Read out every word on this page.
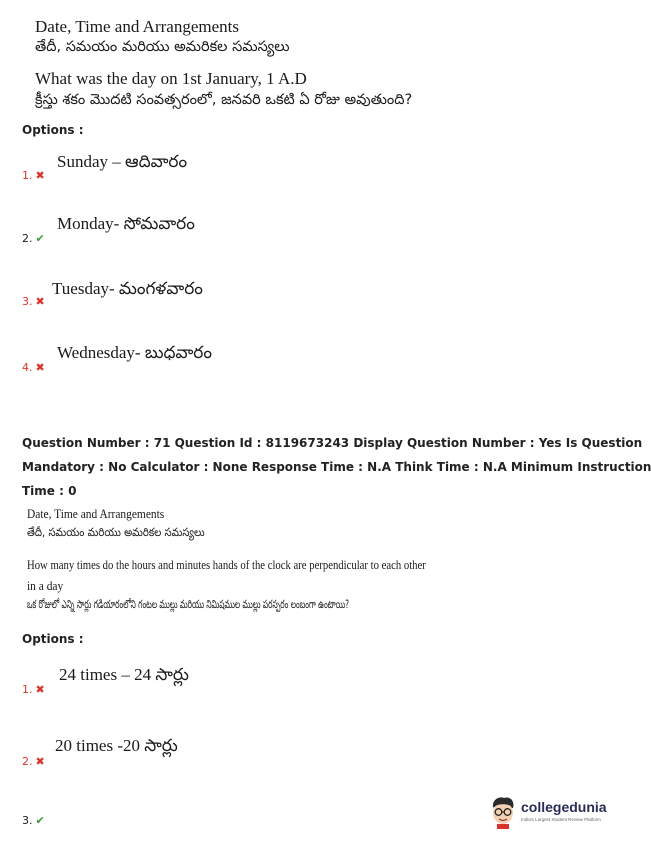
Date, Time and Arrangements
తేదీ, సమయం మరియు అమరికల సమస్యలు
What was the day on 1st January, 1 A.D
క్రీస్తు శకం మొదటి సంవత్సరంలో, జనవరి ఒకటి ఏ రోజు అవుతుంది?
Options :
1. ✖
Sunday – ఆదివారం
2. ✔
Monday- సోమవారం
3. ✖
Tuesday- మంగళవారం
4. ✖
Wednesday- బుధవారం
Question Number : 71 Question Id : 8119673243 Display Question Number : Yes Is Question
Mandatory : No Calculator : None Response Time : N.A Think Time : N.A Minimum Instruction
Time : 0
Date, Time and Arrangements
తేదీ, సమయం మరియు అమరికల సమస్యలు
How many times do the hours and minutes hands of the clock are perpendicular to each other
in a day
ఒక రోజులో ఎన్ని సార్లు గడియారంలోని గంటల ముల్లు మరియు నిమిషముల ముల్లు పరస్పరం లంబంగా ఉంటాయి?
Options :
1. ✖
24 times – 24 సార్లు
2. ✖
20 times -20 సార్లు
3. ✔
collegedunia
India's Largest Student Review Platform
